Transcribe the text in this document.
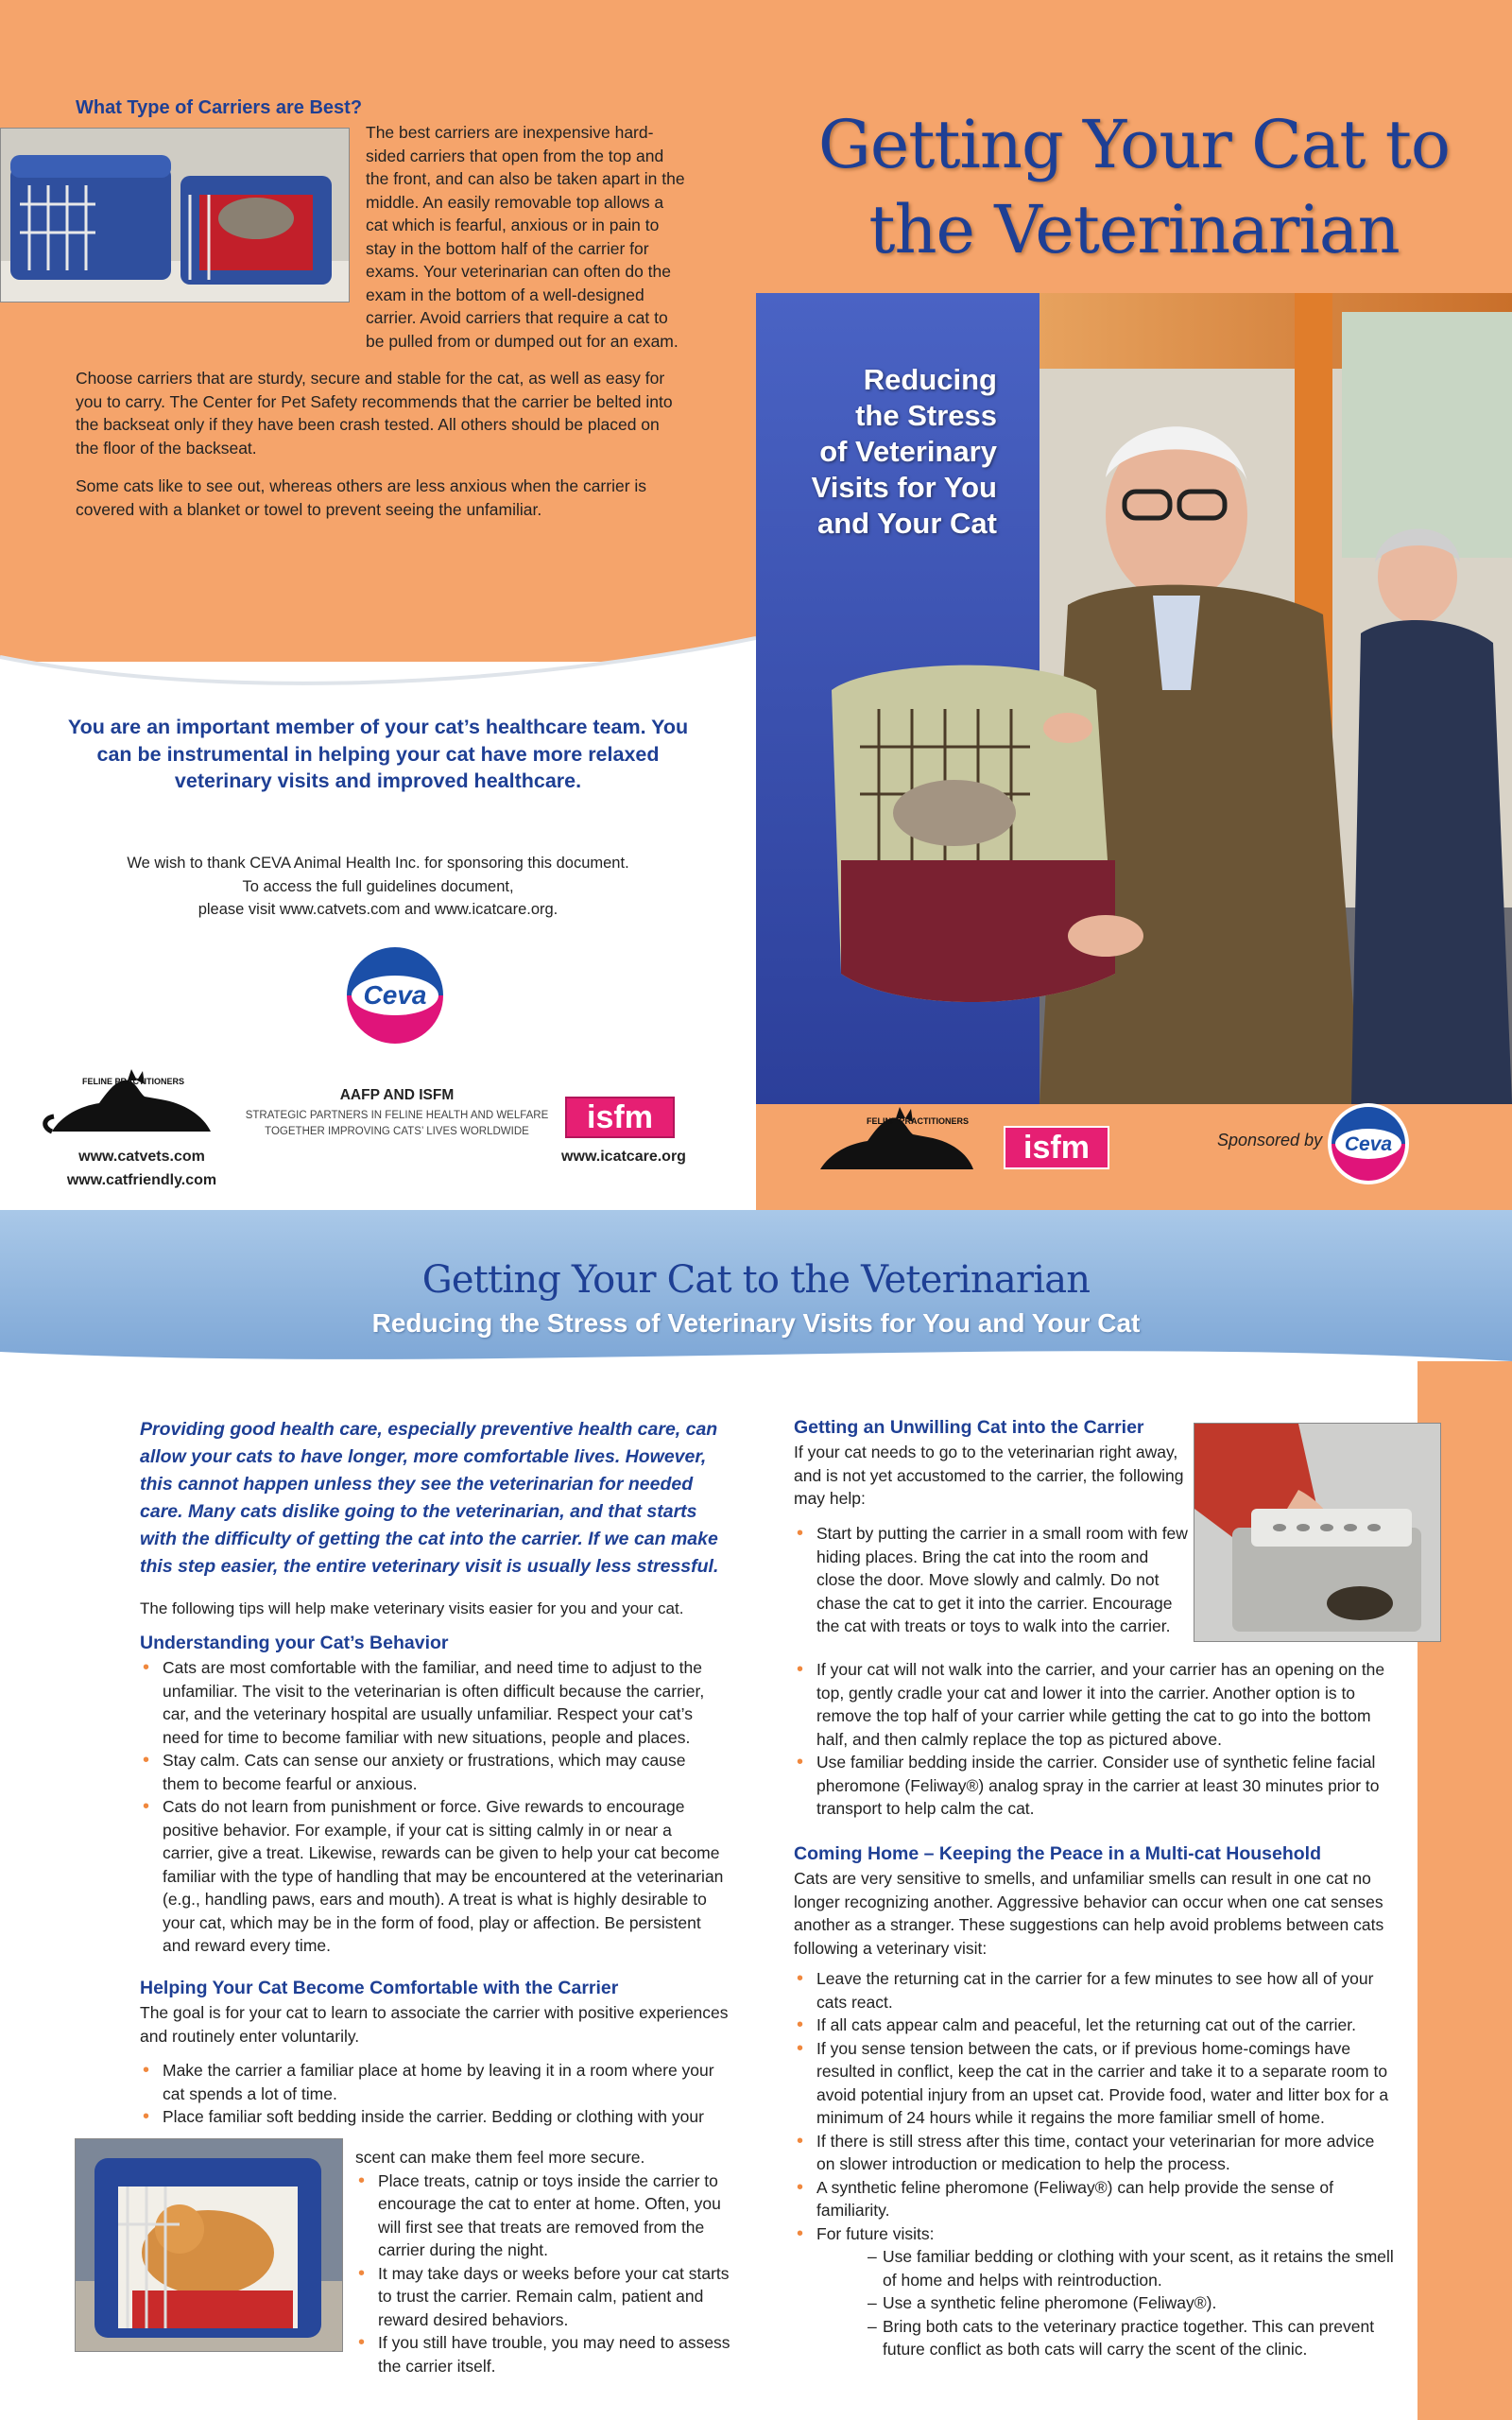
What Type of Carriers are Best?

The best carriers are inexpensive hard-sided carriers that open from the top and the front, and can also be taken apart in the middle. An easily removable top allows a cat which is fearful, anxious or in pain to stay in the bottom half of the carrier for exams. Your veterinarian can often do the exam in the bottom of a well-designed carrier. Avoid carriers that require a cat to be pulled from or dumped out for an exam.

Choose carriers that are sturdy, secure and stable for the cat, as well as easy for you to carry. The Center for Pet Safety recommends that the carrier be belted into the backseat only if they have been crash tested. All others should be placed on the floor of the backseat.

Some cats like to see out, whereas others are less anxious when the carrier is covered with a blanket or towel to prevent seeing the unfamiliar.

You are an important member of your cat’s healthcare team. You can be instrumental in helping your cat have more relaxed veterinary visits and improved healthcare.

We wish to thank CEVA Animal Health Inc. for sponsoring this document.
To access the full guidelines document,
please visit www.catvets.com and www.icatcare.org.
Ceva
FELINE PRACTITIONERS
www.catvets.com
www.catfriendly.com
AAFP AND ISFM
STRATEGIC PARTNERS IN FELINE HEALTH AND WELFARE
TOGETHER IMPROVING CATS’ LIVES WORLDWIDE	isfm
www.icatcare.org
Getting Your Cat to
the Veterinarian
Reducing
the Stress
of Veterinary
Visits for You
and Your Cat
FELINE PRACTITIONERS
isfm	Sponsored by Ceva
Getting Your Cat to the Veterinarian
Reducing the Stress of Veterinary Visits for You and Your Cat

Providing good health care, especially preventive health care, can allow your cats to have longer, more comfortable lives. However, this cannot happen unless they see the veterinarian for needed care. Many cats dislike going to the veterinarian, and that starts with the difficulty of getting the cat into the carrier. If we can make this step easier, the entire veterinary visit is usually less stressful.

The following tips will help make veterinary visits easier for you and your cat.

Understanding your Cat’s Behavior
• Cats are most comfortable with the familiar, and need time to adjust to the unfamiliar. The visit to the veterinarian is often difficult because the carrier, car, and the veterinary hospital are usually unfamiliar. Respect your cat’s need for time to become familiar with new situations, people and places.
• Stay calm. Cats can sense our anxiety or frustrations, which may cause them to become fearful or anxious.
• Cats do not learn from punishment or force. Give rewards to encourage positive behavior. For example, if your cat is sitting calmly in or near a carrier, give a treat. Likewise, rewards can be given to help your cat become familiar with the type of handling that may be encountered at the veterinarian (e.g., handling paws, ears and mouth). A treat is what is highly desirable to your cat, which may be in the form of food, play or affection. Be persistent and reward every time.
Helping Your Cat Become Comfortable with the Carrier

The goal is for your cat to learn to associate the carrier with positive experiences and routinely enter voluntarily.

• Make the carrier a familiar place at home by leaving it in a room where your cat spends a lot of time.
• Place familiar soft bedding inside the carrier. Bedding or clothing with your
scent can make them feel more secure.
• Place treats, catnip or toys inside the carrier to encourage the cat to enter at home. Often, you will first see that treats are removed from the carrier during the night.
• It may take days or weeks before your cat starts to trust the carrier. Remain calm, patient and reward desired behaviors.
• If you still have trouble, you may need to assess the carrier itself.
Getting an Unwilling Cat into the Carrier

If your cat needs to go to the veterinarian right away, and is not yet accustomed to the carrier, the following may help:

• Start by putting the carrier in a small room with few hiding places. Bring the cat into the room and close the door. Move slowly and calmly. Do not chase the cat to get it into the carrier. Encourage the cat with treats or toys to walk into the carrier.
• If your cat will not walk into the carrier, and your carrier has an opening on the top, gently cradle your cat and lower it into the carrier. Another option is to remove the top half of your carrier while getting the cat to go into the bottom half, and then calmly replace the top as pictured above.
• Use familiar bedding inside the carrier. Consider use of synthetic feline facial pheromone (Feliway®) analog spray in the carrier at least 30 minutes prior to transport to help calm the cat.
Coming Home – Keeping the Peace in a Multi-cat Household

Cats are very sensitive to smells, and unfamiliar smells can result in one cat no longer recognizing another. Aggressive behavior can occur when one cat senses another as a stranger. These suggestions can help avoid problems between cats following a veterinary visit:

• Leave the returning cat in the carrier for a few minutes to see how all of your cats react.
• If all cats appear calm and peaceful, let the returning cat out of the carrier.
• If you sense tension between the cats, or if previous home-comings have resulted in conflict, keep the cat in the carrier and take it to a separate room to avoid potential injury from an upset cat. Provide food, water and litter box for a minimum of 24 hours while it regains the more familiar smell of home.
• If there is still stress after this time, contact your veterinarian for more advice on slower introduction or medication to help the process.
• A synthetic feline pheromone (Feliway®) can help provide the sense of familiarity.
• For future visits:
– Use familiar bedding or clothing with your scent, as it retains the smell of home and helps with reintroduction.
– Use a synthetic feline pheromone (Feliway®).
– Bring both cats to the veterinary practice together. This can prevent future conflict as both cats will carry the scent of the clinic.
